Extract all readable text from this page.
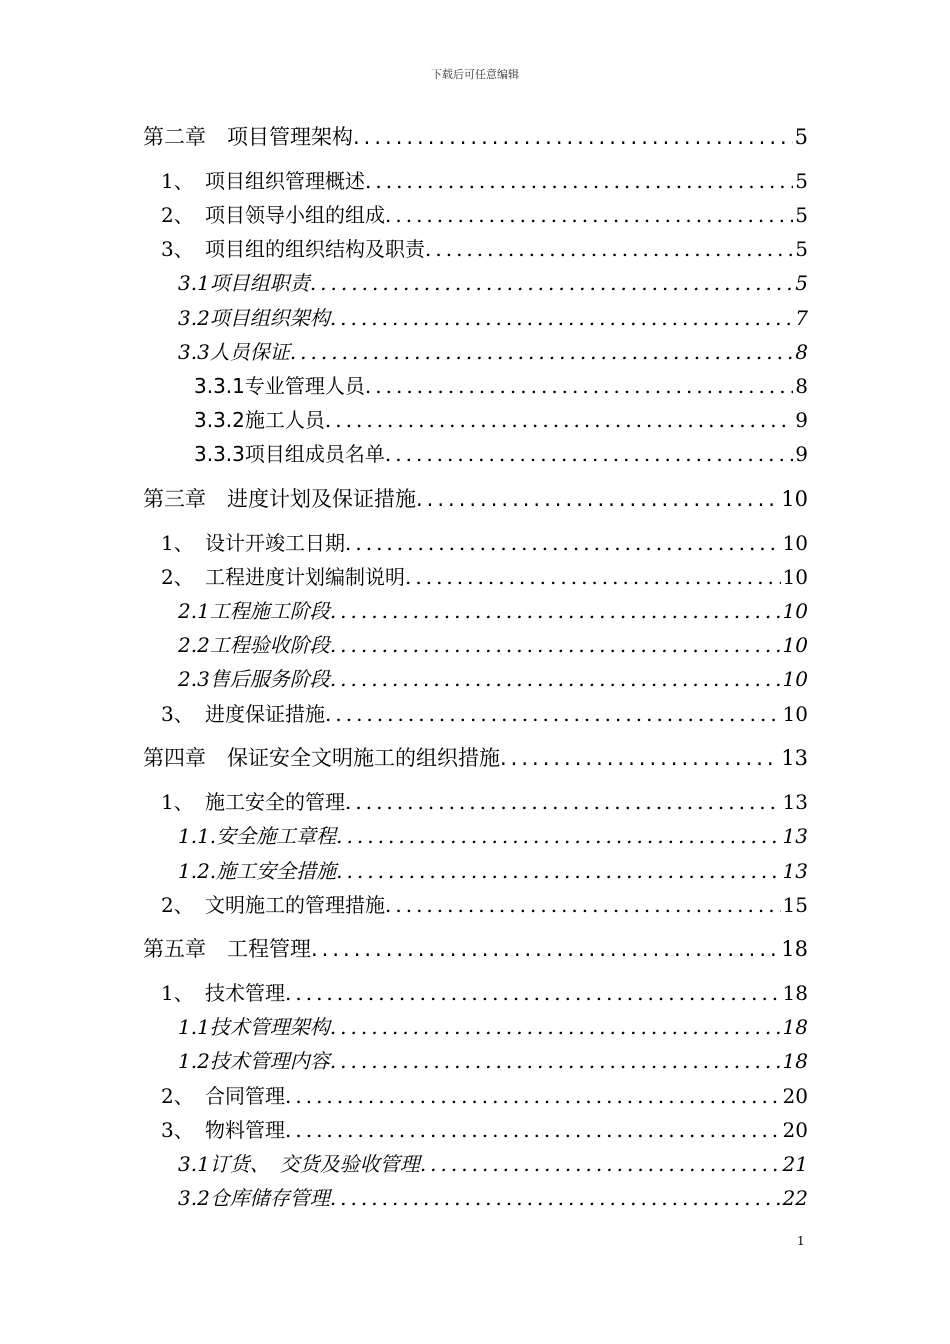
下载后可任意编辑
第二章　项目管理架构 .....	5
1、 项目组织管理概述 .....	5
2、 项目领导小组的组成 .....	5
3、 项目组的组织结构及职责 .....	5
3.1项目组职责 .....	5
3.2项目组织架构 .....	7
3.3人员保证 .....	8
3.3.1专业管理人员 .....	8
3.3.2施工人员 .....	9
3.3.3项目组成员名单 .....	9
第三章　进度计划及保证措施 .....	10
1、 设计开竣工日期 .....	10
2、 工程进度计划编制说明 .....	10
2.1工程施工阶段 .....	10
2.2工程验收阶段 .....	10
2.3售后服务阶段 .....	10
3、 进度保证措施 .....	10
第四章　保证安全文明施工的组织措施 .....	13
1、 施工安全的管理 .....	13
1.1.安全施工章程 .....	13
1.2.施工安全措施 .....	13
2、 文明施工的管理措施 .....	15
第五章　工程管理 .....	18
1、 技术管理 .....	18
1.1技术管理架构 .....	18
1.2技术管理内容 .....	18
2、 合同管理 .....	20
3、 物料管理 .....	20
3.1订货、　交货及验收管理 .....	21
3.2仓库储存管理 .....	22
1
